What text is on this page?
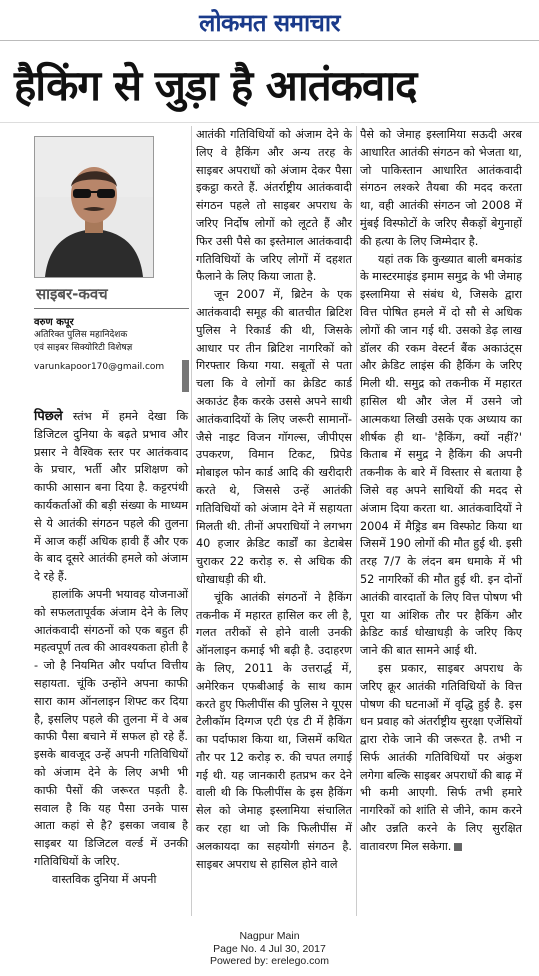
लोकमत समाचार
हैकिंग से जुड़ा है आतंकवाद
साइबर-कवच
वरुण कपूर
अतिरिक्त पुलिस महानिदेशक
एवं साइबर सिक्योरिटी विशेषज्ञ
varunkapoor170@gmail.com

पिछले स्तंभ में हमने देखा कि डिजिटल दुनिया के बढ़ते प्रभाव और प्रसार ने वैश्विक स्तर पर आतंकवाद के प्रचार, भर्ती और प्रशिक्षण को काफी आसान बना दिया है. कट्टरपंथी कार्यकर्ताओं की बड़ी संख्या के माध्यम से ये आतंकी संगठन पहले की तुलना में आज कहीं अधिक हावी हैं और एक के बाद दूसरे आतंकी हमले को अंजाम दे रहे हैं.

हालांकि अपनी भयावह योजनाओं को सफलतापूर्वक अंजाम देने के लिए आतंकवादी संगठनों को एक बहुत ही महत्वपूर्ण तत्व की आवश्यकता होती है - जो है नियमित और पर्याप्त वित्तीय सहायता. चूंकि उन्होंने अपना काफी सारा काम ऑनलाइन शिफ्ट कर दिया है, इसलिए पहले की तुलना में वे अब काफी पैसा बचाने में सफल हो रहे हैं. इसके बावजूद उन्हें अपनी गतिविधियों को अंजाम देने के लिए अभी भी काफी पैसों की जरूरत पड़ती है. सवाल है कि यह पैसा उनके पास आता कहां से है? इसका जवाब है साइबर या डिजिटल वर्ल्ड में उनकी गतिविधियों के जरिए.

वास्तविक दुनिया में अपनी

आतंकी गतिविधियों को अंजाम देने के लिए वे हैकिंग और अन्य तरह के साइबर अपराधों को अंजाम देकर पैसा इकट्ठा करते हैं. अंतर्राष्ट्रीय आतंकवादी संगठन पहले तो साइबर अपराध के जरिए निर्दोष लोगों को लूटते हैं और फिर उसी पैसे का इस्तेमाल आतंकवादी गतिविधियों के जरिए लोगों में दहशत फैलाने के लिए किया जाता है.

जून 2007 में, ब्रिटेन के एक आतंकवादी समूह की बातचीत ब्रिटिश पुलिस ने रिकार्ड की थी, जिसके आधार पर तीन ब्रिटिश नागरिकों को गिरफ्तार किया गया. सबूतों से पता चला कि वे लोगों का क्रेडिट कार्ड अकाउंट हैक करके उससे अपने साथी आतंकवादियों के लिए जरूरी सामानों- जैसे नाइट विजन गॉगल्स, जीपीएस उपकरण, विमान टिकट, प्रिपेड मोबाइल फोन कार्ड आदि की खरीदारी करते थे, जिससे उन्हें आतंकी गतिविधियों को अंजाम देने में सहायता मिलती थी. तीनों अपराधियों ने लगभग 40 हजार क्रेडिट कार्डों का डेटाबेस चुराकर 22 करोड़ रु. से अधिक की धोखाधड़ी की थी.

चूंकि आतंकी संगठनों ने हैकिंग तकनीक में महारत हासिल कर ली है, गलत तरीकों से होने वाली उनकी ऑनलाइन कमाई भी बढ़ी है. उदाहरण के लिए, 2011 के उत्तरार्द्ध में, अमेरिकन एफबीआई के साथ काम करते हुए फिलीपींस की पुलिस ने यूएस टेलीकॉम दिग्गज एटी एंड टी में हैकिंग का पर्दाफाश किया था, जिसमें कथित तौर पर 12 करोड़ रु. की चपत लगाई गई थी. यह जानकारी हतप्रभ कर देने वाली थी कि फिलीपींस के इस हैकिंग सेल को जेमाह इस्लामिया संचालित कर रहा था जो कि फिलीपींस में अलकायदा का सहयोगी संगठन है. साइबर अपराध से हासिल होने वाले

पैसे को जेमाह इस्लामिया सऊदी अरब आधारित आतंकी संगठन को भेजता था, जो पाकिस्तान आधारित आतंकवादी संगठन लश्करे तैयबा की मदद करता था, वही आतंकी संगठन जो 2008 में मुंबई विस्फोटों के जरिए सैकड़ों बेगुनाहों की हत्या के लिए जिम्मेदार है.

यहां तक कि कुख्यात बाली बमकांड के मास्टरमाइंड इमाम समुद्र के भी जेमाह इस्लामिया से संबंध थे, जिसके द्वारा वित्त पोषित हमले में दो सौ से अधिक लोगों की जान गई थी. उसको डेढ़ लाख डॉलर की रकम वेस्टर्न बैंक अकाउंट्स और क्रेडिट लाइंस की हैकिंग के जरिए मिली थी. समुद्र को तकनीक में महारत हासिल थी और जेल में उसने जो आत्मकथा लिखी उसके एक अध्याय का शीर्षक ही था- 'हैकिंग, क्यों नहीं?' किताब में समुद्र ने हैकिंग की अपनी तकनीक के बारे में विस्तार से बताया है जिसे वह अपने साथियों की मदद से अंजाम दिया करता था. आतंकवादियों ने 2004 में मैड्रिड बम विस्फोट किया था जिसमें 190 लोगों की मौत हुई थी. इसी तरह 7/7 के लंदन बम धमाके में भी 52 नागरिकों की मौत हुई थी. इन दोनों आतंकी वारदातों के लिए वित्त पोषण भी पूरा या आंशिक तौर पर हैकिंग और क्रेडिट कार्ड धोखाधड़ी के जरिए किए जाने की बात सामने आई थी.

इस प्रकार, साइबर अपराध के जरिए क्रूर आतंकी गतिविधियों के वित्त पोषण की घटनाओं में वृद्धि हुई है. इस धन प्रवाह को अंतर्राष्ट्रीय सुरक्षा एजेंसियों द्वारा रोके जाने की जरूरत है. तभी न सिर्फ आतंकी गतिविधियों पर अंकुश लगेगा बल्कि साइबर अपराधों की बाढ़ में भी कमी आएगी. सिर्फ तभी हमारे नागरिकों को शांति से जीने, काम करने और उन्नति करने के लिए सुरक्षित वातावरण मिल सकेगा.

Nagpur Main
Page No. 4 Jul 30, 2017
Powered by: erelego.com
